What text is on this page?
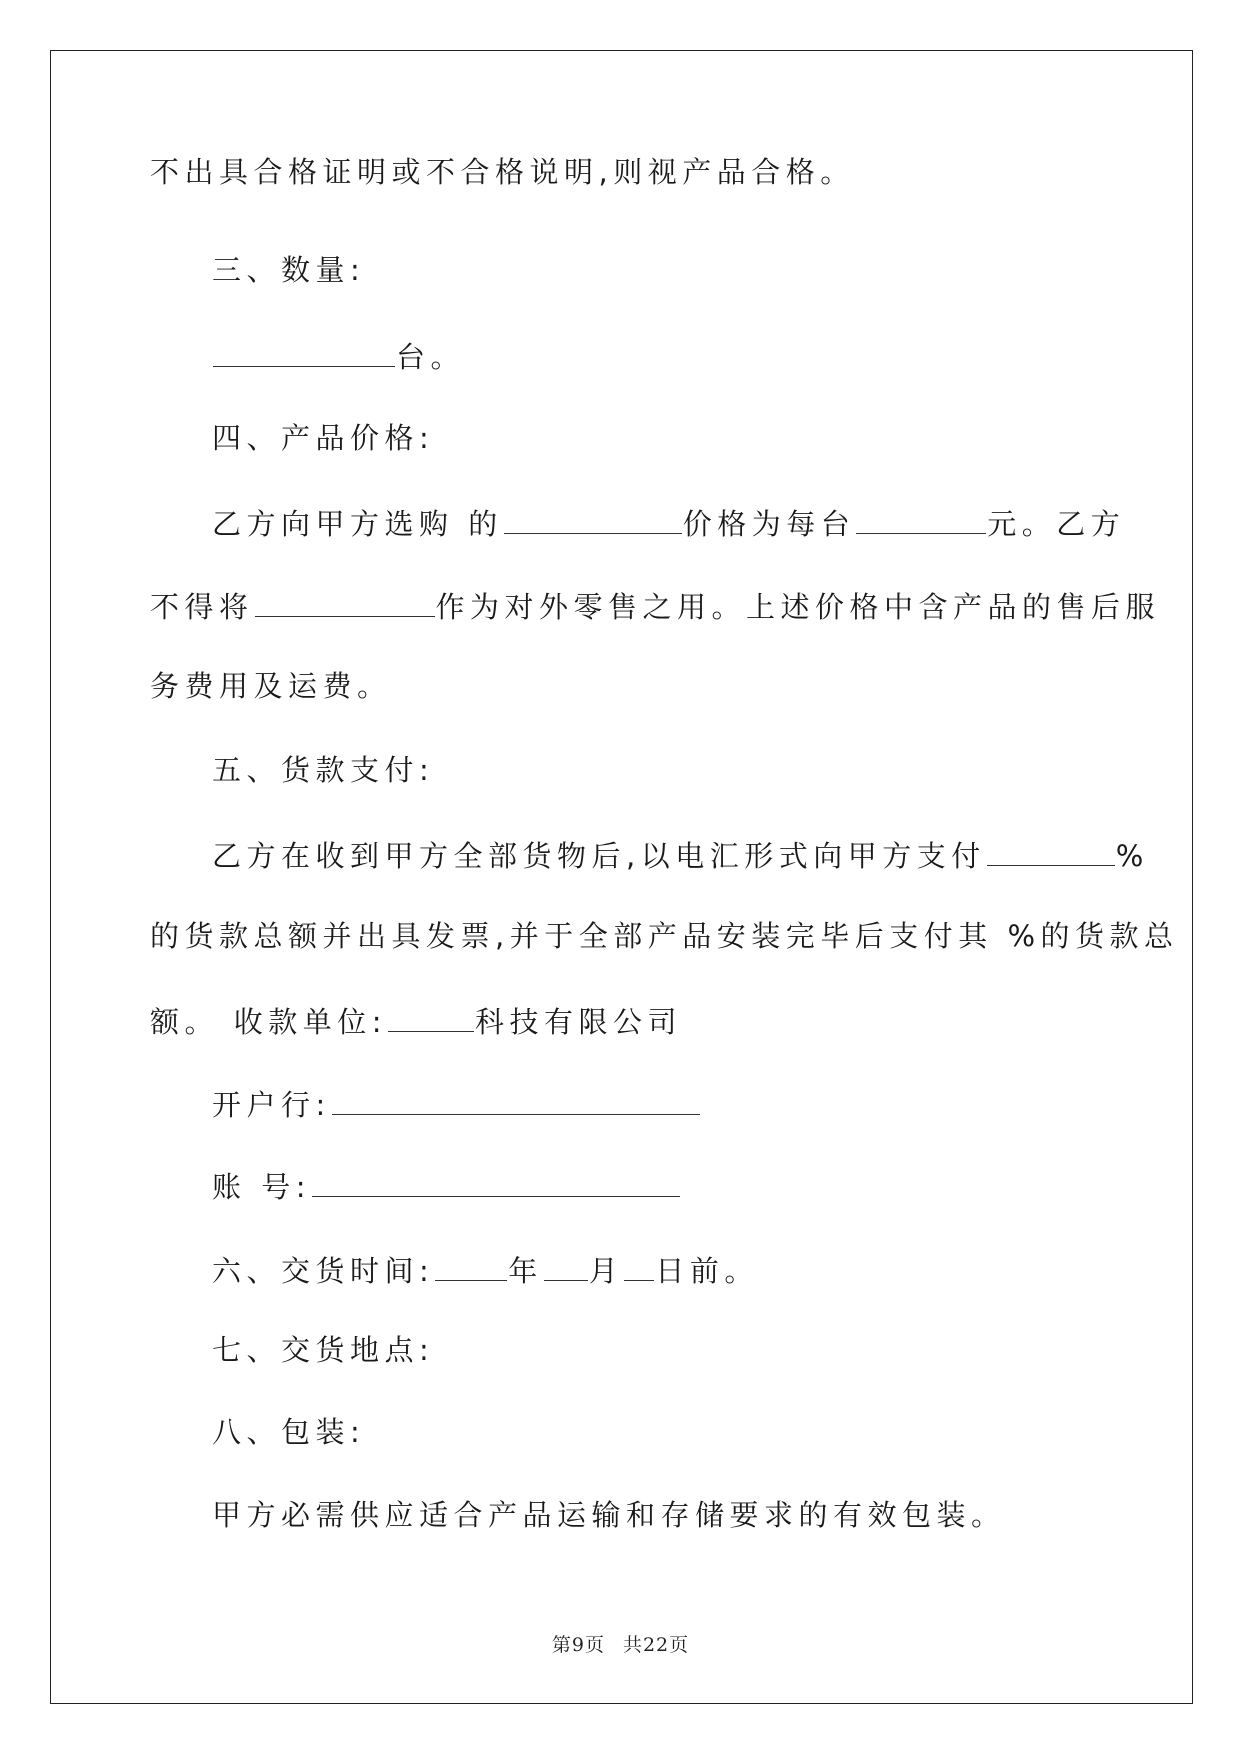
不出具合格证明或不合格说明,则视产品合格。
三、数量:
台。
四、产品价格:
乙方向甲方选购 的	价格为每台	元。乙方
不得将	作为对外零售之用。上述价格中含产品的售后服
务费用及运费。
五、货款支付:
乙方在收到甲方全部货物后,以电汇形式向甲方支付	%
的货款总额并出具发票,并于全部产品安装完毕后支付其 %的货款总
额。 收款单位:	科技有限公司
开户行:
账 号:
六、交货时间:	年 月 日前。
七、交货地点:
八、包装:
甲方必需供应适合产品运输和存储要求的有效包装。
第9页 共22页
